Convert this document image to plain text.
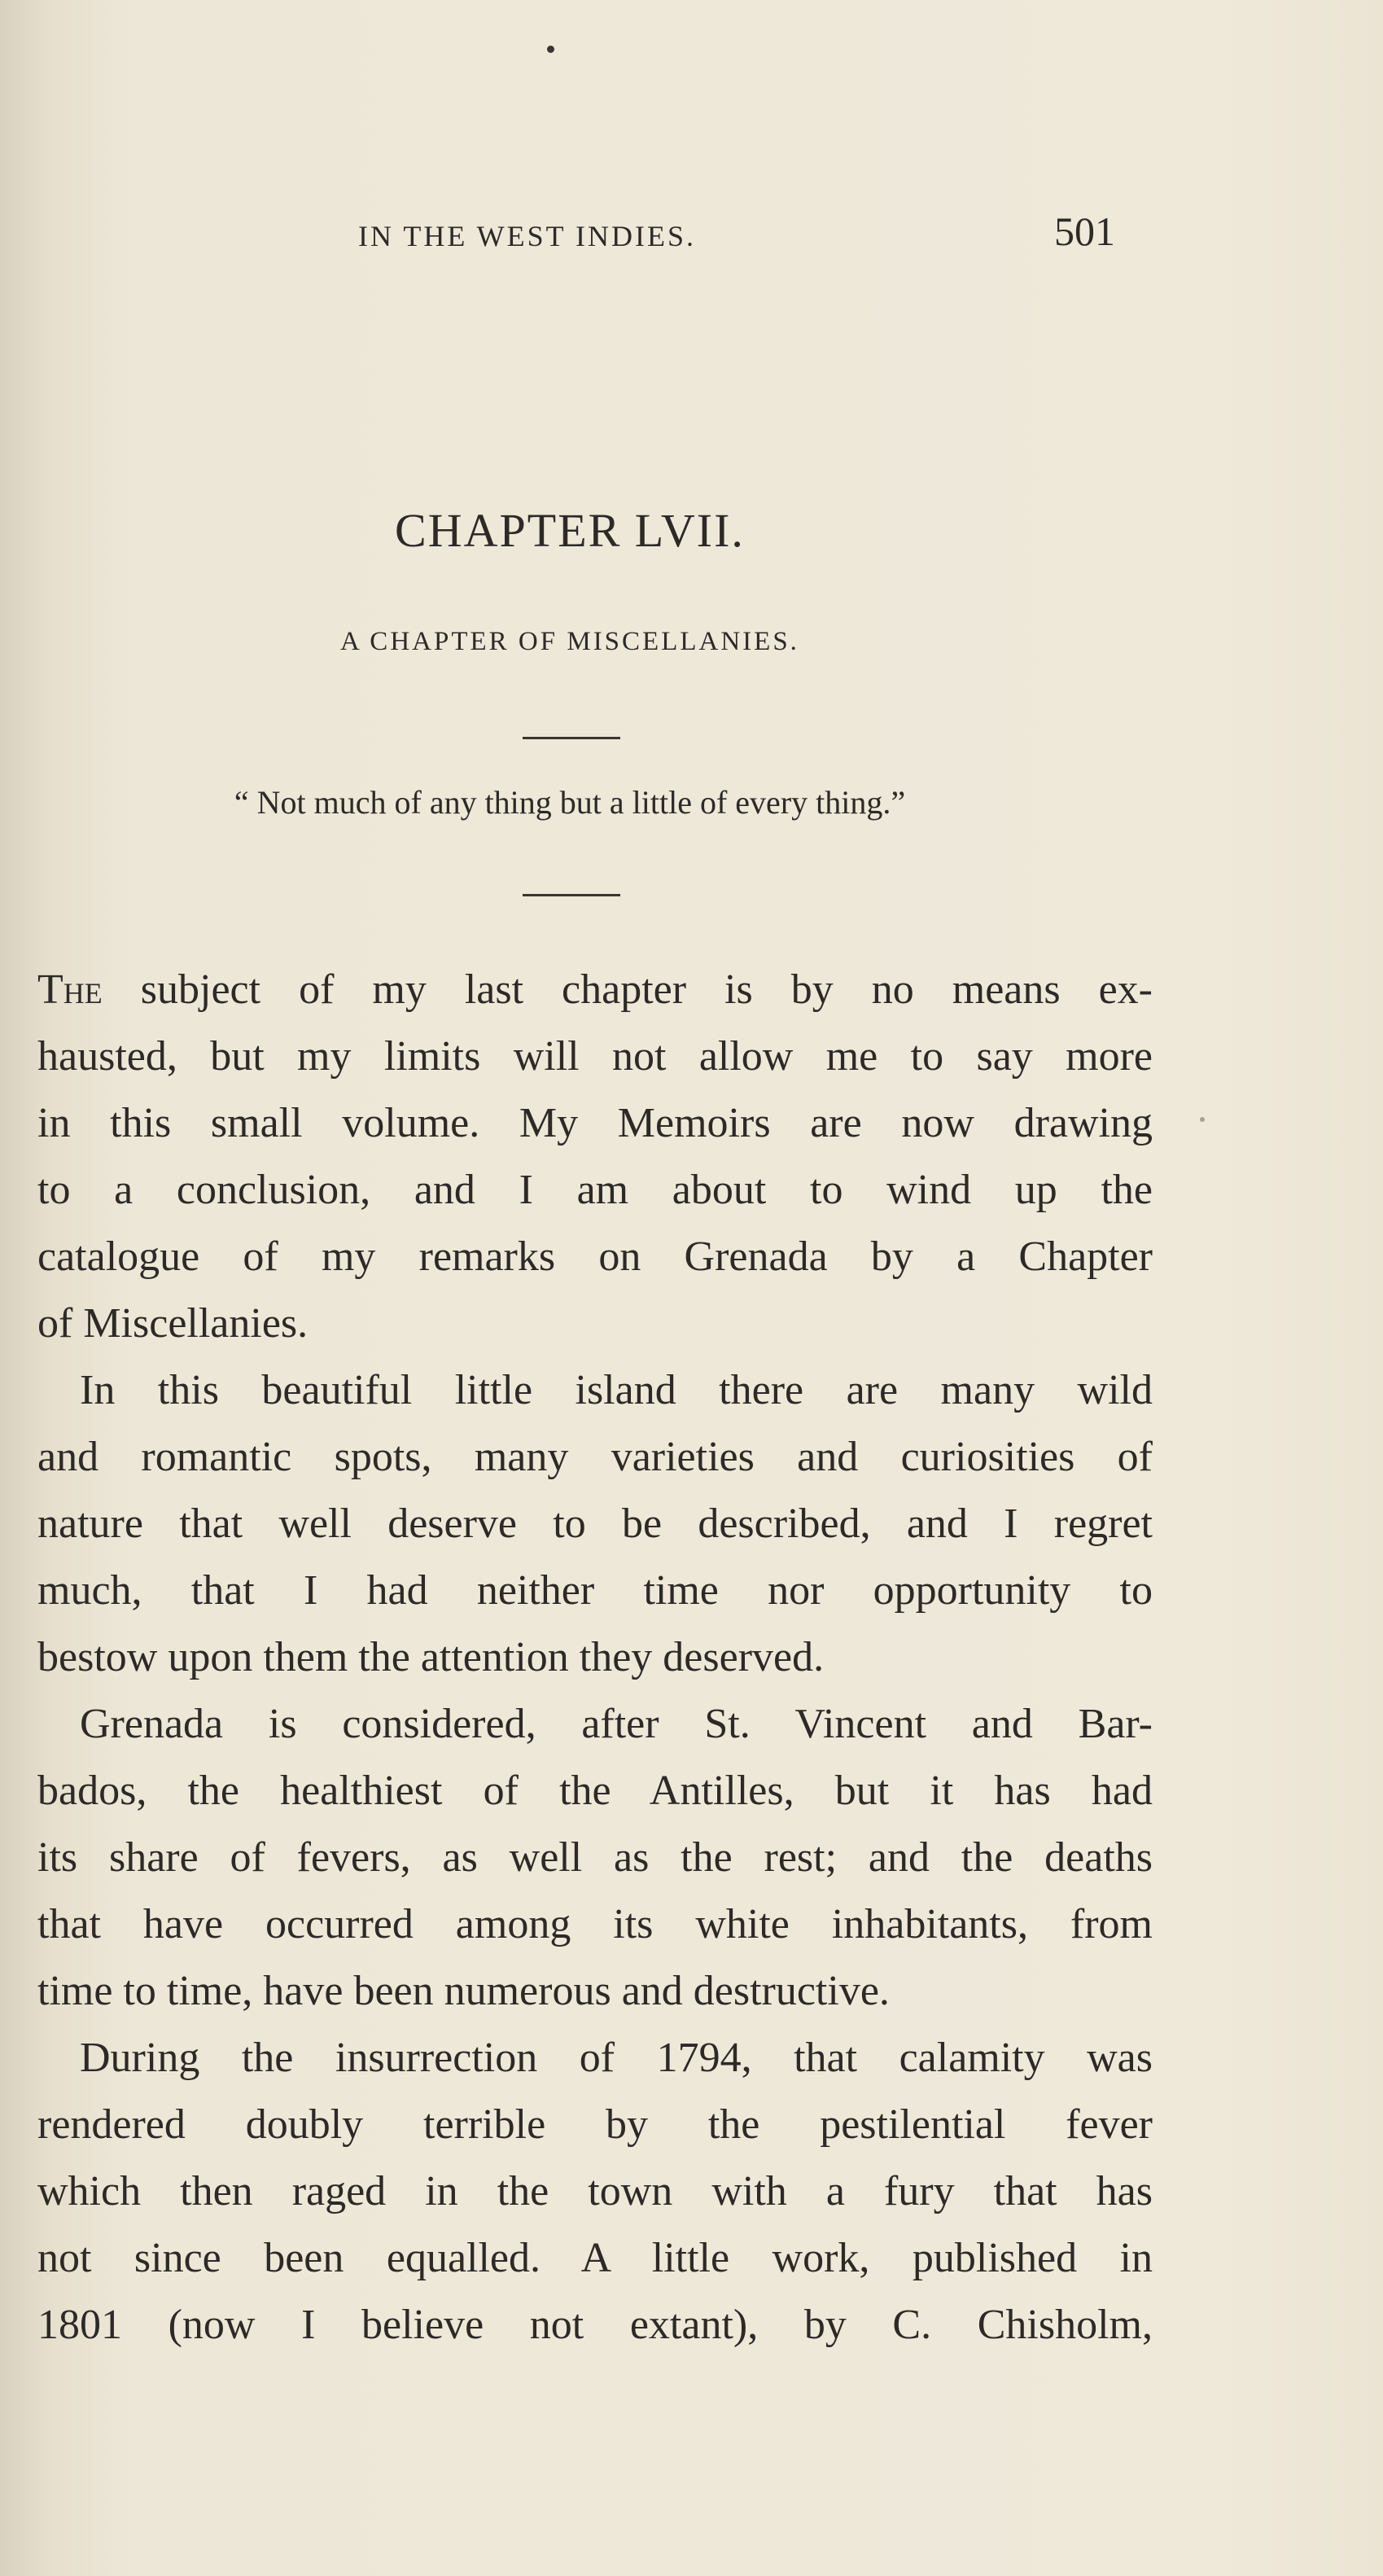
IN THE WEST INDIES.	501
CHAPTER LVII.
A CHAPTER OF MISCELLANIES.
“ Not much of any thing but a little of every thing.”
The subject of my last chapter is by no means ex-
hausted, but my limits will not allow me to say more
in this small volume. My Memoirs are now drawing
to a conclusion, and I am about to wind up the
catalogue of my remarks on Grenada by a Chapter
of Miscellanies.
In this beautiful little island there are many wild
and romantic spots, many varieties and curiosities of
nature that well deserve to be described, and I regret
much, that I had neither time nor opportunity to
bestow upon them the attention they deserved.
Grenada is considered, after St. Vincent and Bar-
bados, the healthiest of the Antilles, but it has had
its share of fevers, as well as the rest; and the deaths
that have occurred among its white inhabitants, from
time to time, have been numerous and destructive.
During the insurrection of 1794, that calamity was
rendered doubly terrible by the pestilential fever
which then raged in the town with a fury that has
not since been equalled. A little work, published in
1801 (now I believe not extant), by C. Chisholm,
